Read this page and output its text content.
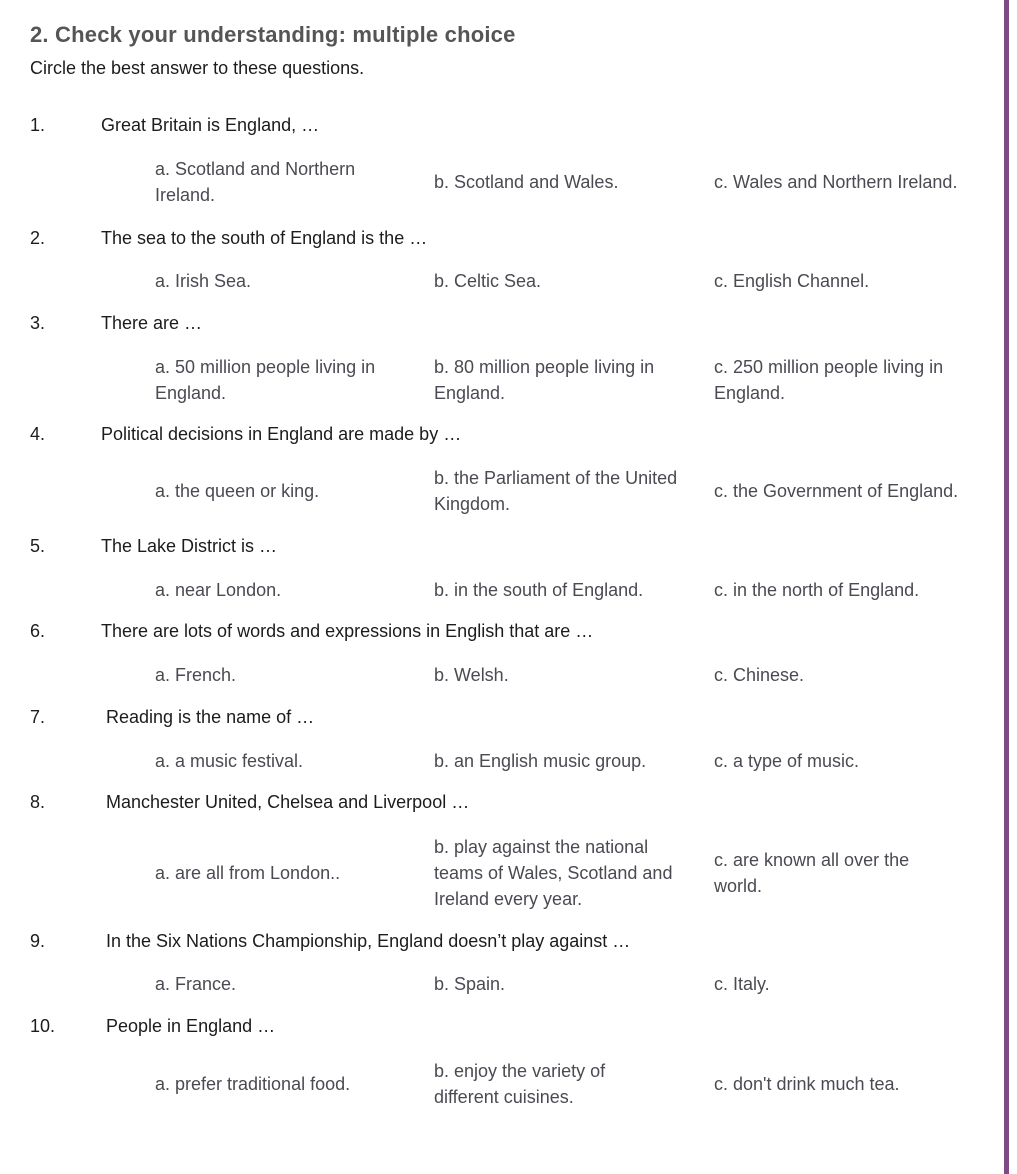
2. Check your understanding: multiple choice
Circle the best answer to these questions.
1.	Great Britain is England, …
a. Scotland and Northern Ireland.
b. Scotland and Wales.	c. Wales and Northern Ireland.
2.	The sea to the south of England is the …
a. Irish Sea.	b. Celtic Sea.	c. English Channel.
3.	There are …
a. 50 million people living in England.
b. 80 million people living in England.
c. 250 million people living in England.
4.	Political decisions in England are made by …
a. the queen or king.
b. the Parliament of the United Kingdom.
c. the Government of England.
5.	The Lake District is …
a. near London.	b. in the south of England.	c. in the north of England.
6.	There are lots of words and expressions in English that are …
a. French.	b. Welsh.	c. Chinese.
7.	Reading is the name of …
a. a music festival.	b. an English music group.	c. a type of music.
8.	Manchester United, Chelsea and Liverpool …
a. are all from London..
b. play against the national teams of Wales, Scotland and Ireland every year.
c. are known all over the world.
9.	In the Six Nations Championship, England doesn’t play against …
a. France.	b. Spain.	c. Italy.
10.	People in England …
a. prefer traditional food.
b. enjoy the variety of different cuisines.
c. don't drink much tea.
